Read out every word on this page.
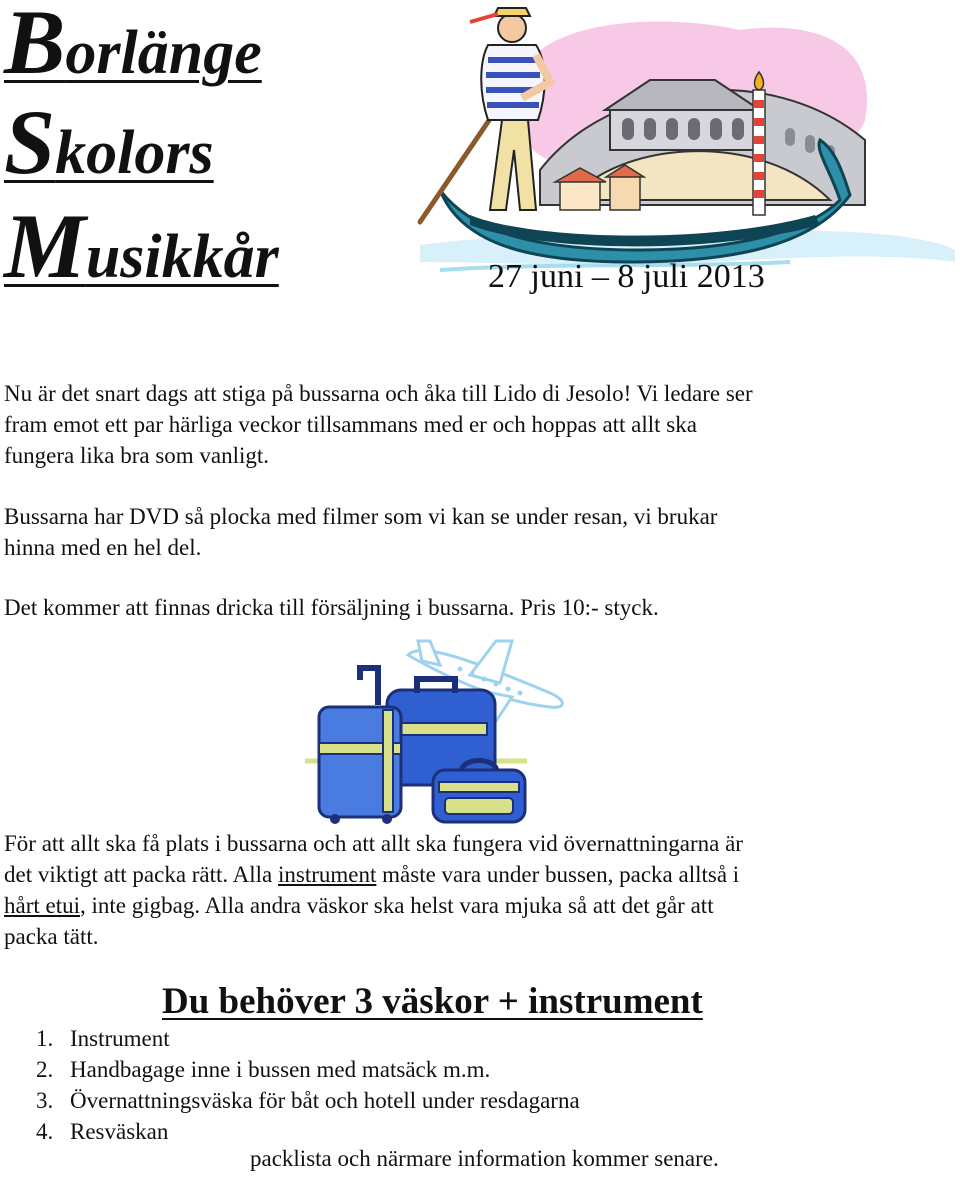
Borlänge
Skolors
Musikkår	27 juni – 8 juli 2013

Nu är det snart dags att stiga på bussarna och åka till Lido di Jesolo! Vi ledare ser
fram emot ett par härliga veckor tillsammans med er och hoppas att allt ska
fungera lika bra som vanligt.

Bussarna har DVD så plocka med filmer som vi kan se under resan, vi brukar
hinna med en hel del.

Det kommer att finnas dricka till försäljning i bussarna. Pris 10:- styck.

För att allt ska få plats i bussarna och att allt ska fungera vid övernattningarna är
det viktigt att packa rätt. Alla instrument måste vara under bussen, packa alltså i
hårt etui, inte gigbag. Alla andra väskor ska helst vara mjuka så att det går att
packa tätt.

Du behöver 3 väskor + instrument
1. Instrument
2. Handbagage inne i bussen med matsäck m.m.
3. Övernattningsväska för båt och hotell under resdagarna
4. Resväskan
packlista och närmare information kommer senare.
